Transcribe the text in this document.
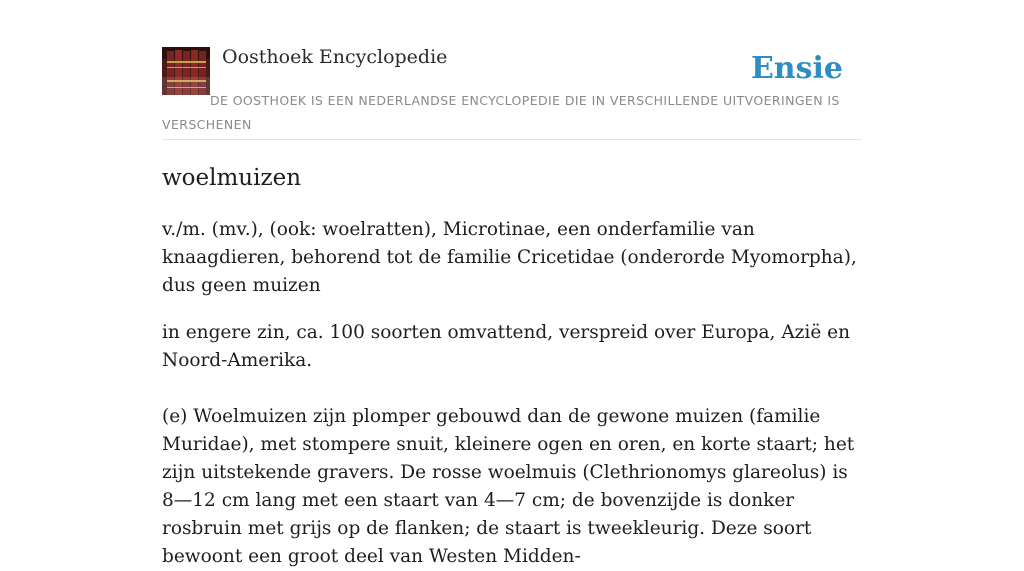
Oosthoek Encyclopedie	Ensie
DE OOSTHOEK IS EEN NEDERLANDSE ENCYCLOPEDIE DIE IN VERSCHILLENDE UITVOERINGEN IS VERSCHENEN
woelmuizen

v./m. (mv.), (ook: woelratten), Microtinae, een onderfamilie van knaagdieren, behorend tot de familie Cricetidae (onderorde Myomorpha), dus geen muizen

in engere zin, ca. 100 soorten omvattend, verspreid over Europa, Azië en Noord-Amerika.

(e) Woelmuizen zijn plomper gebouwd dan de gewone muizen (familie Muridae), met stompere snuit, kleinere ogen en oren, en korte staart; het zijn uitstekende gravers. De rosse woelmuis (Clethrionomys glareolus) is 8—12 cm lang met een staart van 4—7 cm; de bovenzijde is donker rosbruin met grijs op de flanken; de staart is tweekleurig. Deze soort bewoont een groot deel van Westen Midden-
